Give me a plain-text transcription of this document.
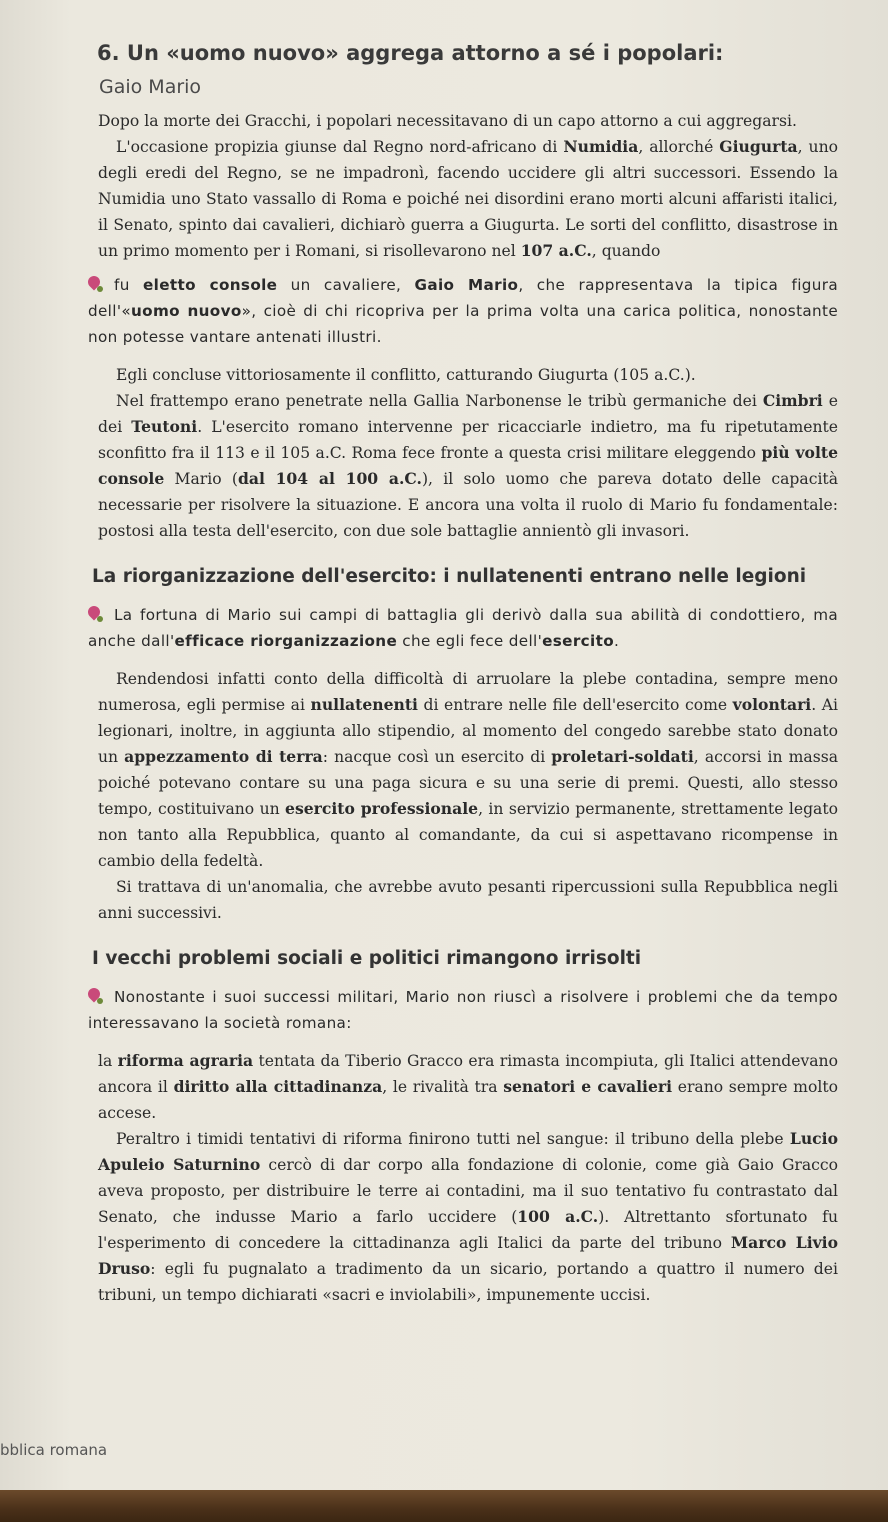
6. Un «uomo nuovo» aggrega attorno a sé i popolari:
Gaio Mario

Dopo la morte dei Gracchi, i popolari necessitavano di un capo attorno a cui aggregarsi.

L'occasione propizia giunse dal Regno nord-africano di Numidia, allorché Giugurta, uno degli eredi del Regno, se ne impadronì, facendo uccidere gli altri successori. Essendo la Numidia uno Stato vassallo di Roma e poiché nei disordini erano morti alcuni affaristi italici, il Senato, spinto dai cavalieri, dichiarò guerra a Giugurta. Le sorti del conflitto, disastrose in un primo momento per i Romani, si risollevarono nel 107 a.C., quando

fu eletto console un cavaliere, Gaio Mario, che rappresentava la tipica figura dell'«uomo nuovo», cioè di chi ricopriva per la prima volta una carica politica, nonostante non potesse vantare antenati illustri.

Egli concluse vittoriosamente il conflitto, catturando Giugurta (105 a.C.).

Nel frattempo erano penetrate nella Gallia Narbonense le tribù germaniche dei Cimbri e dei Teutoni. L'esercito romano intervenne per ricacciarle indietro, ma fu ripetutamente sconfitto fra il 113 e il 105 a.C. Roma fece fronte a questa crisi militare eleggendo più volte console Mario (dal 104 al 100 a.C.), il solo uomo che pareva dotato delle capacità necessarie per risolvere la situazione. E ancora una volta il ruolo di Mario fu fondamentale: postosi alla testa dell'esercito, con due sole battaglie annientò gli invasori.

La riorganizzazione dell'esercito: i nullatenenti entrano nelle legioni

La fortuna di Mario sui campi di battaglia gli derivò dalla sua abilità di condottiero, ma anche dall'efficace riorganizzazione che egli fece dell'esercito.

Rendendosi infatti conto della difficoltà di arruolare la plebe contadina, sempre meno numerosa, egli permise ai nullatenenti di entrare nelle file dell'esercito come volontari. Ai legionari, inoltre, in aggiunta allo stipendio, al momento del congedo sarebbe stato donato un appezzamento di terra: nacque così un esercito di proletari-soldati, accorsi in massa poiché potevano contare su una paga sicura e su una serie di premi. Questi, allo stesso tempo, costituivano un esercito professionale, in servizio permanente, strettamente legato non tanto alla Repubblica, quanto al comandante, da cui si aspettavano ricompense in cambio della fedeltà.

Si trattava di un'anomalia, che avrebbe avuto pesanti ripercussioni sulla Repubblica negli anni successivi.

I vecchi problemi sociali e politici rimangono irrisolti

Nonostante i suoi successi militari, Mario non riuscì a risolvere i problemi che da tempo interessavano la società romana:

la riforma agraria tentata da Tiberio Gracco era rimasta incompiuta, gli Italici attendevano ancora il diritto alla cittadinanza, le rivalità tra senatori e cavalieri erano sempre molto accese.

Peraltro i timidi tentativi di riforma finirono tutti nel sangue: il tribuno della plebe Lucio Apuleio Saturnino cercò di dar corpo alla fondazione di colonie, come già Gaio Gracco aveva proposto, per distribuire le terre ai contadini, ma il suo tentativo fu contrastato dal Senato, che indusse Mario a farlo uccidere (100 a.C.). Altrettanto sfortunato fu l'esperimento di concedere la cittadinanza agli Italici da parte del tribuno Marco Livio Druso: egli fu pugnalato a tradimento da un sicario, portando a quattro il numero dei tribuni, un tempo dichiarati «sacri e inviolabili», impunemente uccisi.

bblica romana
